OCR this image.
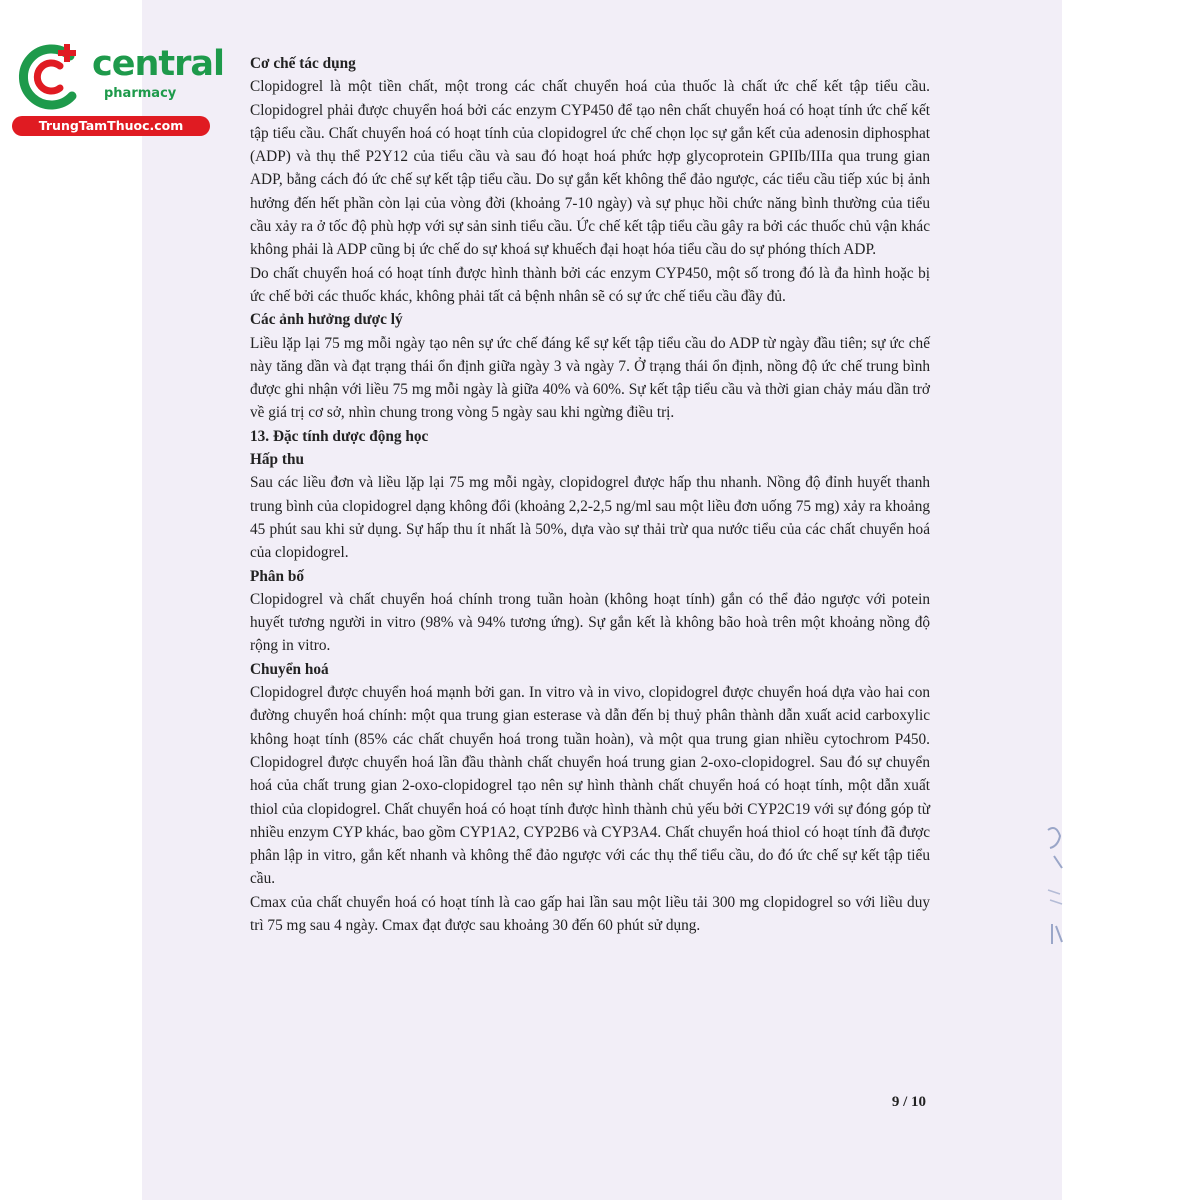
Cơ chế tác dụng

Clopidogrel là một tiền chất, một trong các chất chuyển hoá của thuốc là chất ức chế kết tập tiểu cầu. Clopidogrel phải được chuyển hoá bởi các enzym CYP450 để tạo nên chất chuyển hoá có hoạt tính ức chế kết tập tiểu cầu. Chất chuyển hoá có hoạt tính của clopidogrel ức chế chọn lọc sự gắn kết của adenosin diphosphat (ADP) và thụ thể P2Y12 của tiểu cầu và sau đó hoạt hoá phức hợp glycoprotein GPIIb/IIIa qua trung gian ADP, bằng cách đó ức chế sự kết tập tiểu cầu. Do sự gắn kết không thể đảo ngược, các tiểu cầu tiếp xúc bị ảnh hưởng đến hết phần còn lại của vòng đời (khoảng 7-10 ngày) và sự phục hồi chức năng bình thường của tiểu cầu xảy ra ở tốc độ phù hợp với sự sản sinh tiểu cầu. Ức chế kết tập tiểu cầu gây ra bởi các thuốc chủ vận khác không phải là ADP cũng bị ức chế do sự khoá sự khuếch đại hoạt hóa tiểu cầu do sự phóng thích ADP.

Do chất chuyển hoá có hoạt tính được hình thành bởi các enzym CYP450, một số trong đó là đa hình hoặc bị ức chế bởi các thuốc khác, không phải tất cả bệnh nhân sẽ có sự ức chế tiểu cầu đầy đủ.

Các ảnh hưởng dược lý

Liều lặp lại 75 mg mỗi ngày tạo nên sự ức chế đáng kể sự kết tập tiểu cầu do ADP từ ngày đầu tiên; sự ức chế này tăng dần và đạt trạng thái ổn định giữa ngày 3 và ngày 7. Ở trạng thái ổn định, nồng độ ức chế trung bình được ghi nhận với liều 75 mg mỗi ngày là giữa 40% và 60%. Sự kết tập tiểu cầu và thời gian chảy máu dần trở về giá trị cơ sở, nhìn chung trong vòng 5 ngày sau khi ngừng điều trị.

13. Đặc tính dược động học

Hấp thu

Sau các liều đơn và liều lặp lại 75 mg mỗi ngày, clopidogrel được hấp thu nhanh. Nồng độ đỉnh huyết thanh trung bình của clopidogrel dạng không đổi (khoảng 2,2-2,5 ng/ml sau một liều đơn uống 75 mg) xảy ra khoảng 45 phút sau khi sử dụng. Sự hấp thu ít nhất là 50%, dựa vào sự thải trừ qua nước tiểu của các chất chuyển hoá của clopidogrel.

Phân bố

Clopidogrel và chất chuyển hoá chính trong tuần hoàn (không hoạt tính) gắn có thể đảo ngược với potein huyết tương người in vitro (98% và 94% tương ứng). Sự gắn kết là không bão hoà trên một khoảng nồng độ rộng in vitro.

Chuyển hoá

Clopidogrel được chuyển hoá mạnh bởi gan. In vitro và in vivo, clopidogrel được chuyển hoá dựa vào hai con đường chuyển hoá chính: một qua trung gian esterase và dẫn đến bị thuỷ phân thành dẫn xuất acid carboxylic không hoạt tính (85% các chất chuyển hoá trong tuần hoàn), và một qua trung gian nhiều cytochrom P450. Clopidogrel được chuyển hoá lần đầu thành chất chuyển hoá trung gian 2-oxo-clopidogrel. Sau đó sự chuyển hoá của chất trung gian 2-oxo-clopidogrel tạo nên sự hình thành chất chuyển hoá có hoạt tính, một dẫn xuất thiol của clopidogrel. Chất chuyển hoá có hoạt tính được hình thành chủ yếu bởi CYP2C19 với sự đóng góp từ nhiều enzym CYP khác, bao gồm CYP1A2, CYP2B6 và CYP3A4. Chất chuyển hoá thiol có hoạt tính đã được phân lập in vitro, gắn kết nhanh và không thể đảo ngược với các thụ thể tiểu cầu, do đó ức chế sự kết tập tiểu cầu.

Cmax của chất chuyển hoá có hoạt tính là cao gấp hai lần sau một liều tải 300 mg clopidogrel so với liều duy trì 75 mg sau 4 ngày. Cmax đạt được sau khoảng 30 đến 60 phút sử dụng.

9 / 10
central
pharmacy
TrungTamThuoc.com
